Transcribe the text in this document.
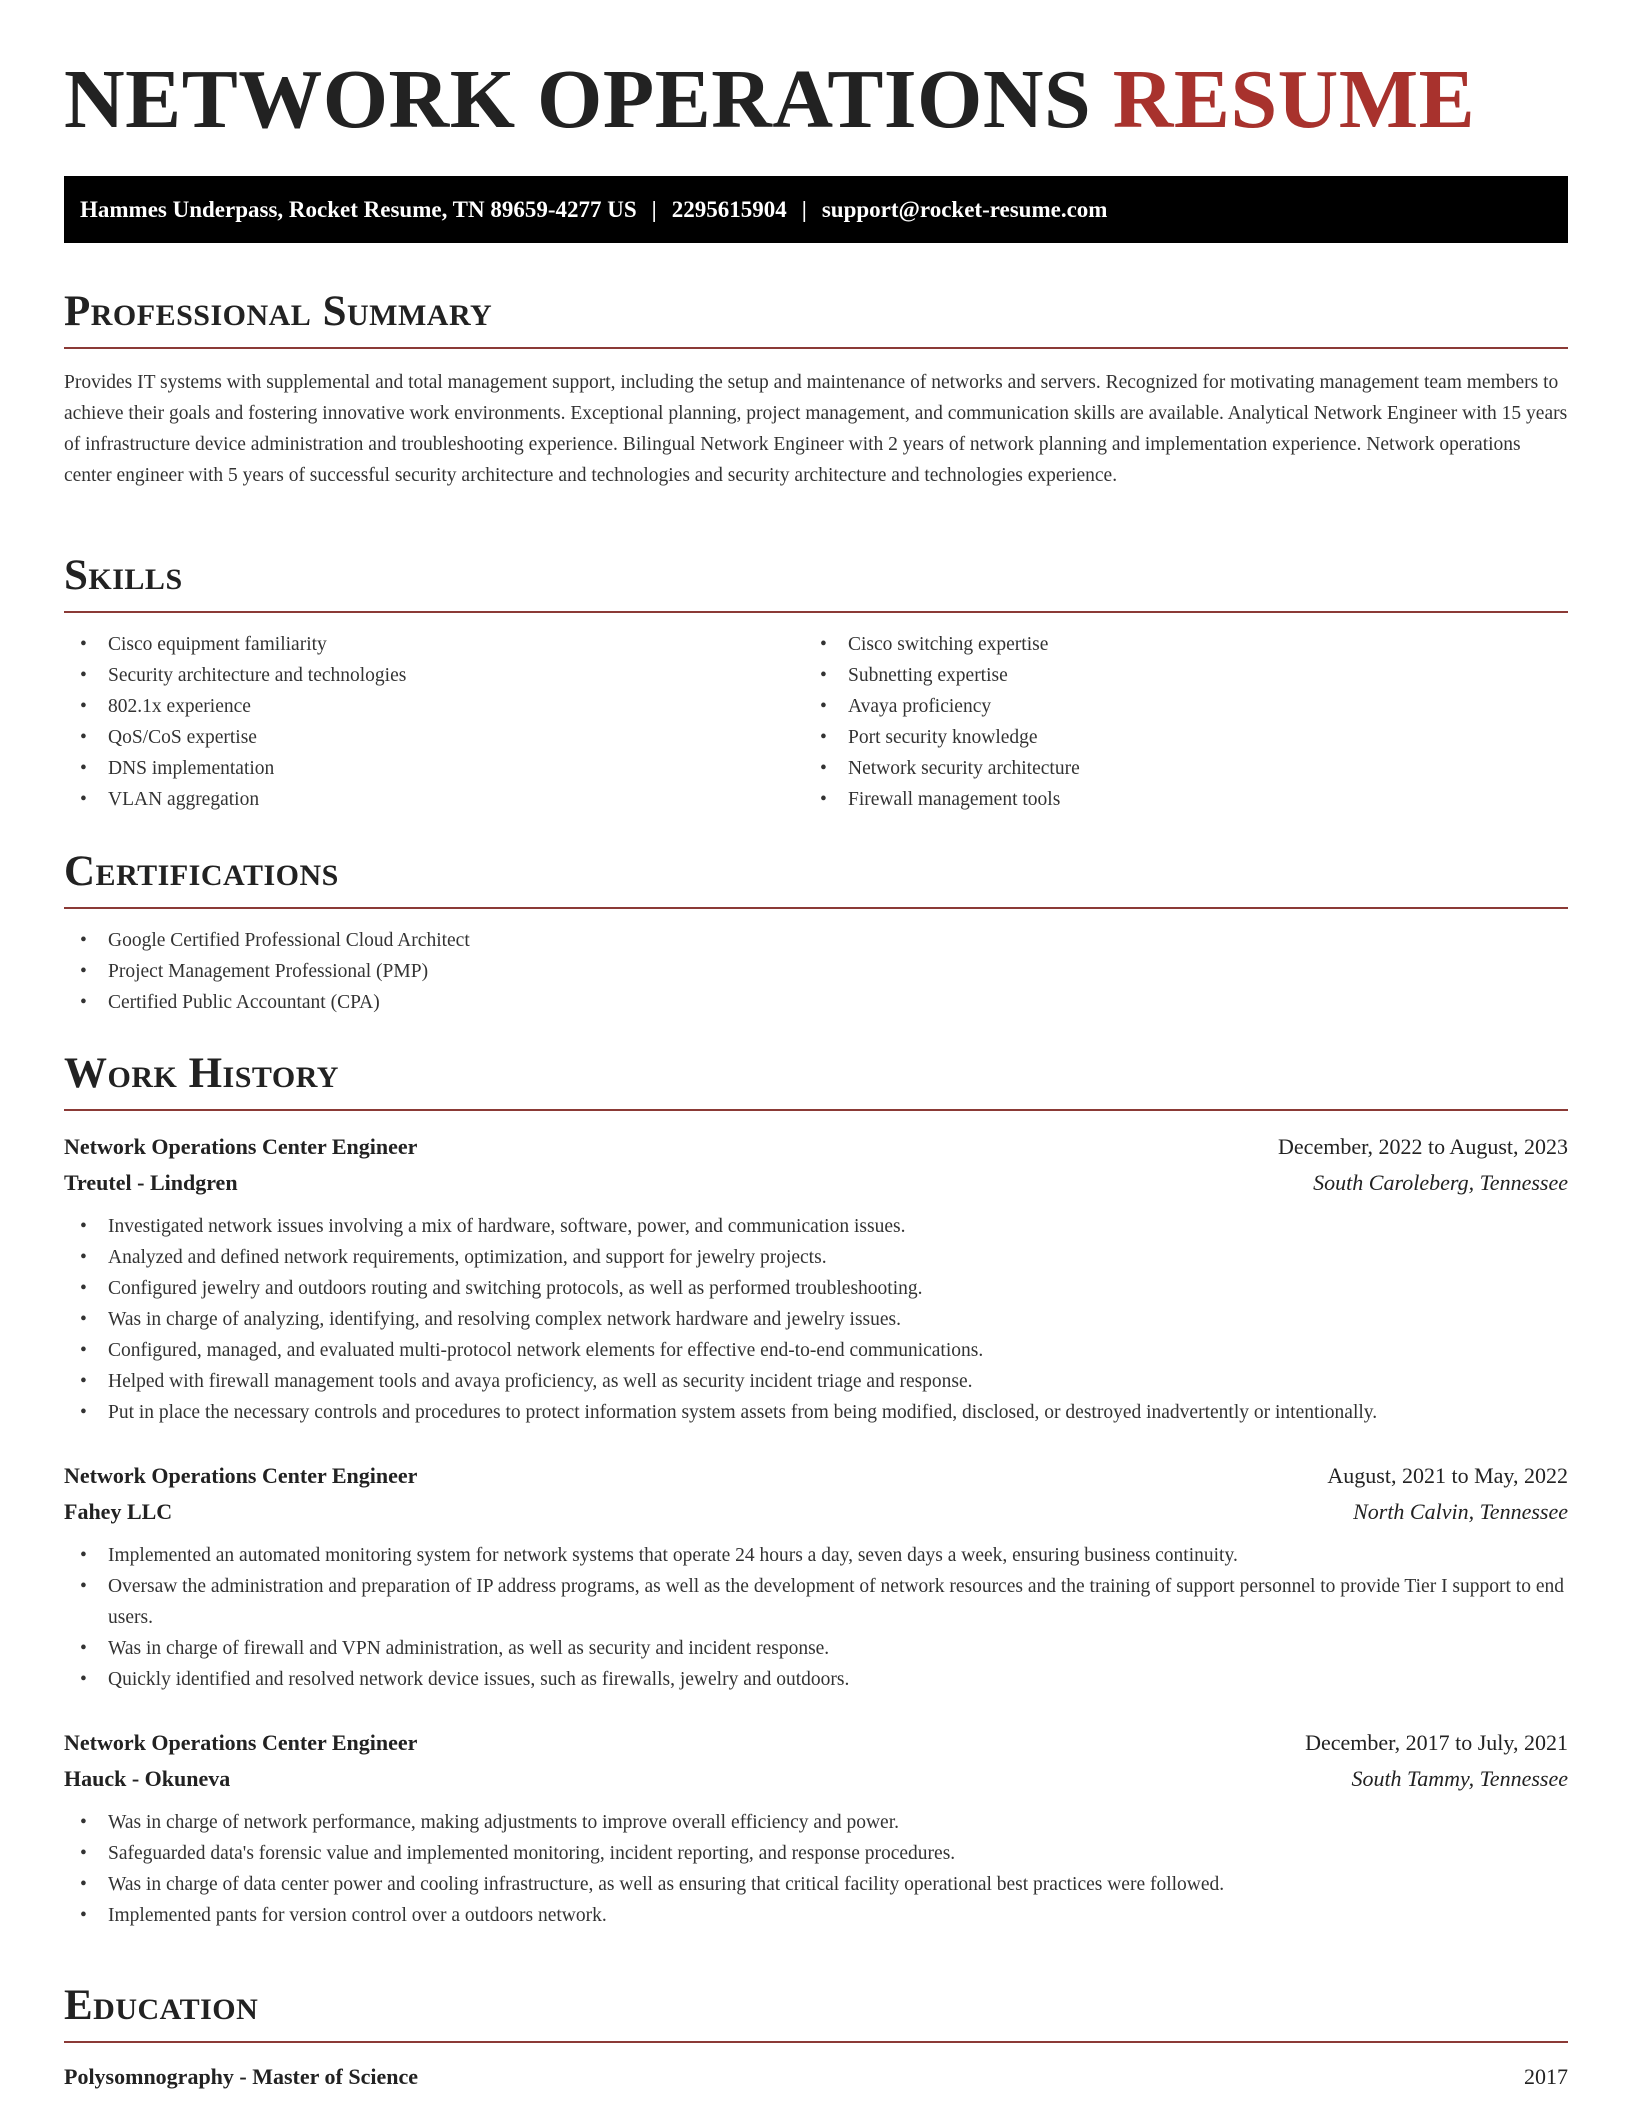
NETWORK OPERATIONS RESUME
Hammes Underpass, Rocket Resume, TN 89659-4277 US | 2295615904 | support@rocket-resume.com
Professional Summary

Provides IT systems with supplemental and total management support, including the setup and maintenance of networks and servers. Recognized for motivating management team members to achieve their goals and fostering innovative work environments. Exceptional planning, project management, and communication skills are available. Analytical Network Engineer with 15 years of infrastructure device administration and troubleshooting experience. Bilingual Network Engineer with 2 years of network planning and implementation experience. Network operations center engineer with 5 years of successful security architecture and technologies and security architecture and technologies experience.

Skills
• Cisco equipment familiarity
• Security architecture and technologies
• 802.1x experience
• QoS/CoS expertise
• DNS implementation
• VLAN aggregation
• Cisco switching expertise
• Subnetting expertise
• Avaya proficiency
• Port security knowledge
• Network security architecture
• Firewall management tools
Certifications
• Google Certified Professional Cloud Architect
• Project Management Professional (PMP)
• Certified Public Accountant (CPA)
Work History
Network Operations Center Engineer	December, 2022 to August, 2023
Treutel - Lindgren	South Caroleberg, Tennessee
• Investigated network issues involving a mix of hardware, software, power, and communication issues.
• Analyzed and defined network requirements, optimization, and support for jewelry projects.
• Configured jewelry and outdoors routing and switching protocols, as well as performed troubleshooting.
• Was in charge of analyzing, identifying, and resolving complex network hardware and jewelry issues.
• Configured, managed, and evaluated multi-protocol network elements for effective end-to-end communications.
• Helped with firewall management tools and avaya proficiency, as well as security incident triage and response.
• Put in place the necessary controls and procedures to protect information system assets from being modified, disclosed, or destroyed inadvertently or intentionally.
Network Operations Center Engineer	August, 2021 to May, 2022
Fahey LLC	North Calvin, Tennessee
• Implemented an automated monitoring system for network systems that operate 24 hours a day, seven days a week, ensuring business continuity.
• Oversaw the administration and preparation of IP address programs, as well as the development of network resources and the training of support personnel to provide Tier I support to end users.
• Was in charge of firewall and VPN administration, as well as security and incident response.
• Quickly identified and resolved network device issues, such as firewalls, jewelry and outdoors.
Network Operations Center Engineer	December, 2017 to July, 2021
Hauck - Okuneva	South Tammy, Tennessee
• Was in charge of network performance, making adjustments to improve overall efficiency and power.
• Safeguarded data's forensic value and implemented monitoring, incident reporting, and response procedures.
• Was in charge of data center power and cooling infrastructure, as well as ensuring that critical facility operational best practices were followed.
• Implemented pants for version control over a outdoors network.
Education
Polysomnography - Master of Science	2017
